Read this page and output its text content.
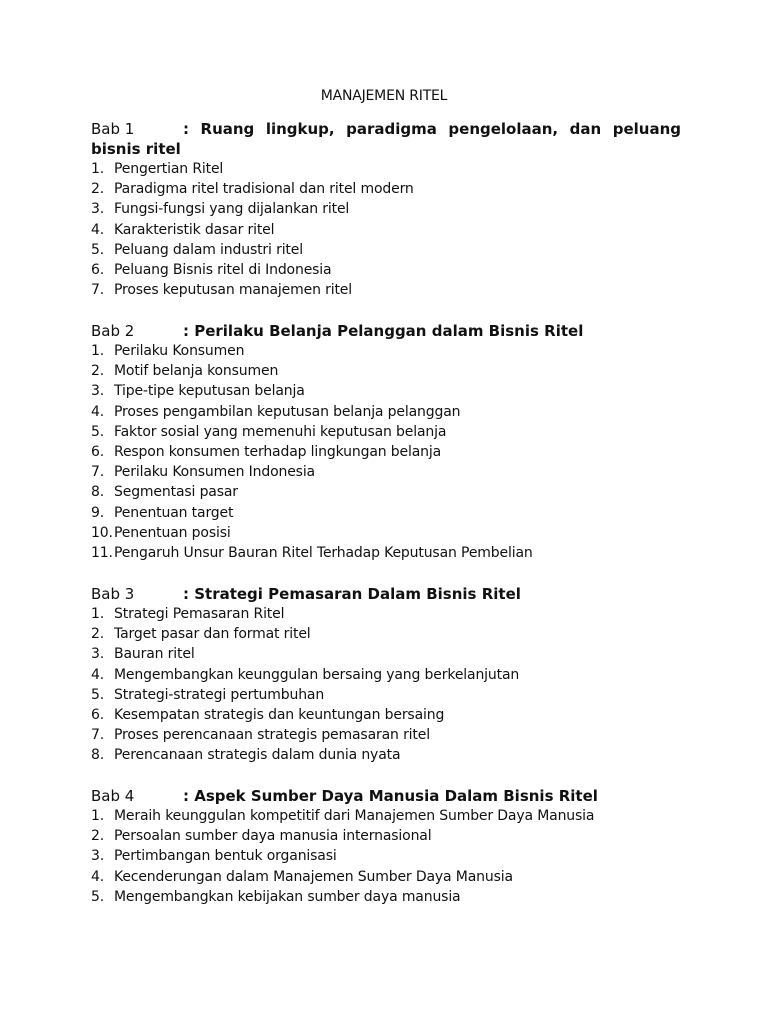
MANAJEMEN RITEL

Bab 1	: Ruang lingkup, paradigma pengelolaan, dan peluang bisnis ritel

1. Pengertian Ritel
2. Paradigma ritel tradisional dan ritel modern
3. Fungsi-fungsi yang dijalankan ritel
4. Karakteristik dasar ritel
5. Peluang dalam industri ritel
6. Peluang Bisnis ritel di Indonesia
7. Proses keputusan manajemen ritel

Bab 2	: Perilaku Belanja Pelanggan dalam Bisnis Ritel

1. Perilaku Konsumen
2. Motif belanja konsumen
3. Tipe-tipe keputusan belanja
4. Proses pengambilan keputusan belanja pelanggan
5. Faktor sosial yang memenuhi keputusan belanja
6. Respon konsumen terhadap lingkungan belanja
7. Perilaku Konsumen Indonesia
8. Segmentasi pasar
9. Penentuan target
10.Penentuan posisi
11.Pengaruh Unsur Bauran Ritel Terhadap Keputusan Pembelian

Bab 3	: Strategi Pemasaran Dalam Bisnis Ritel

1. Strategi Pemasaran Ritel
2. Target pasar dan format ritel
3. Bauran ritel
4. Mengembangkan keunggulan bersaing yang berkelanjutan
5. Strategi-strategi pertumbuhan
6. Kesempatan strategis dan keuntungan bersaing
7. Proses perencanaan strategis pemasaran ritel
8. Perencanaan strategis dalam dunia nyata

Bab 4	: Aspek Sumber Daya Manusia Dalam Bisnis Ritel

1. Meraih keunggulan kompetitif dari Manajemen Sumber Daya Manusia
2. Persoalan sumber daya manusia internasional
3. Pertimbangan bentuk organisasi
4. Kecenderungan dalam Manajemen Sumber Daya Manusia
5. Mengembangkan kebijakan sumber daya manusia
